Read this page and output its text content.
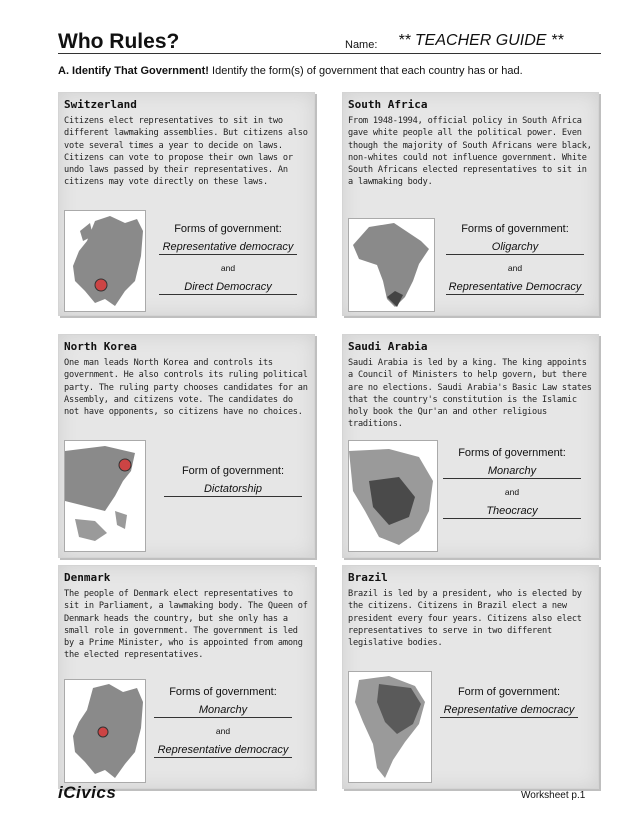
Who Rules?	Name: ** TEACHER GUIDE **
A. Identify That Government! Identify the form(s) of government that each country has or had.
Switzerland
Citizens elect representatives to sit in two different lawmaking assemblies. But citizens also vote several times a year to decide on laws. Citizens can vote to propose their own laws or undo laws passed by their representatives. An citizens may vote directly on these laws.
Forms of government:
Representative democracy
and
Direct Democracy
South Africa
From 1948-1994, official policy in South Africa gave white people all the political power. Even though the majority of South Africans were black, non-whites could not influence government. White South Africans elected representatives to sit in a lawmaking body.
Forms of government:
Oligarchy
and
Representative Democracy
North Korea
One man leads North Korea and controls its government. He also controls its ruling political party. The ruling party chooses candidates for an Assembly, and citizens vote. The candidates do not have opponents, so citizens have no choices.
Form of government:
Dictatorship
Saudi Arabia
Saudi Arabia is led by a king. The king appoints a Council of Ministers to help govern, but there are no elections. Saudi Arabia's Basic Law states that the country's constitution is the Islamic holy book the Qur'an and other religious traditions.
Forms of government:
Monarchy
and
Theocracy
Denmark
The people of Denmark elect representatives to sit in Parliament, a lawmaking body. The Queen of Denmark heads the country, but she only has a small role in government. The government is led by a Prime Minister, who is appointed from among the elected representatives.
Forms of government:
Monarchy
and
Representative democracy
Brazil
Brazil is led by a president, who is elected by the citizens. Citizens in Brazil elect a new president every four years. Citizens also elect representatives to serve in two different legislative bodies.
Form of government:
Representative democracy
iCivics	Worksheet p.1
